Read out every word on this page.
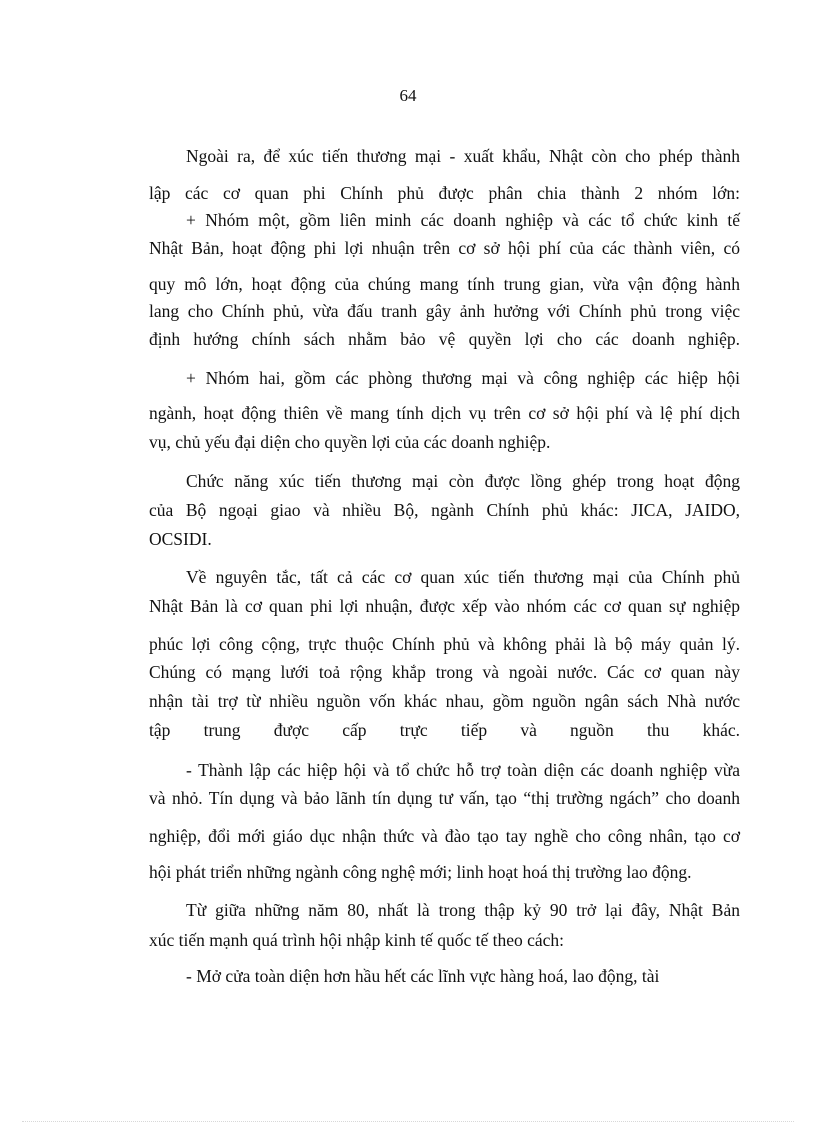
64
Ngoài ra, để xúc tiến thương mại - xuất khẩu, Nhật còn cho phép thành
lập các cơ quan phi Chính phủ được phân chia thành 2 nhóm lớn:
+ Nhóm một, gồm liên minh các doanh nghiệp và các tổ chức kinh tế
Nhật Bản, hoạt động phi lợi nhuận trên cơ sở hội phí của các thành viên, có
quy mô lớn, hoạt động của chúng mang tính trung gian, vừa vận động hành
lang cho Chính phủ, vừa đấu tranh gây ảnh hưởng với Chính phủ trong việc
định hướng chính sách nhằm bảo vệ quyền lợi cho các doanh nghiệp.
+ Nhóm hai, gồm các phòng thương mại và công nghiệp các hiệp hội
ngành, hoạt động thiên về mang tính dịch vụ trên cơ sở hội phí và lệ phí dịch
vụ, chủ yếu đại diện cho quyền lợi của các doanh nghiệp.
Chức năng xúc tiến thương mại còn được lồng ghép trong hoạt động
của Bộ ngoại giao và nhiều Bộ, ngành Chính phủ khác: JICA, JAIDO,
OCSIDI.
Về nguyên tắc, tất cả các cơ quan xúc tiến thương mại của Chính phủ
Nhật Bản là cơ quan phi lợi nhuận, được xếp vào nhóm các cơ quan sự nghiệp
phúc lợi công cộng, trực thuộc Chính phủ và không phải là bộ máy quản lý.
Chúng có mạng lưới toả rộng khắp trong và ngoài nước. Các cơ quan này
nhận tài trợ từ nhiều nguồn vốn khác nhau, gồm nguồn ngân sách Nhà nước
tập trung được cấp trực tiếp và nguồn thu khác.
- Thành lập các hiệp hội và tổ chức hỗ trợ toàn diện các doanh nghiệp vừa
và nhỏ. Tín dụng và bảo lãnh tín dụng tư vấn, tạo “thị trường ngách” cho doanh
nghiệp, đổi mới giáo dục nhận thức và đào tạo tay nghề cho công nhân, tạo cơ
hội phát triển những ngành công nghệ mới; linh hoạt hoá thị trường lao động.
Từ giữa những năm 80, nhất là trong thập kỷ 90 trở lại đây, Nhật Bản
xúc tiến mạnh quá trình hội nhập kinh tế quốc tế theo cách:
- Mở cửa toàn diện hơn hầu hết các lĩnh vực hàng hoá, lao động, tài
